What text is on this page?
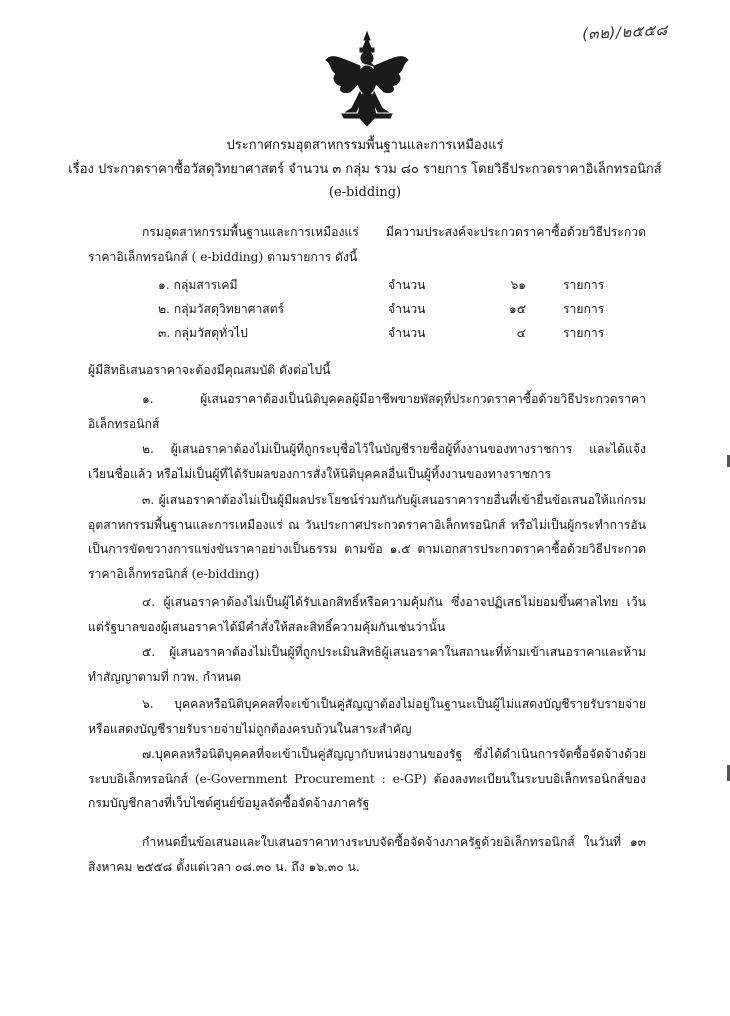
(๓๒)/๒๕๕๘
ประกาศกรมอุตสาหกรรมพื้นฐานและการเหมืองแร่
เรื่อง ประกวดราคาซื้อวัสดุวิทยาศาสตร์ จำนวน ๓ กลุ่ม รวม ๘๐ รายการ โดยวิธีประกวดราคาอิเล็กทรอนิกส์
(e-bidding)
กรมอุตสาหกรรมพื้นฐานและการเหมืองแร่ มีความประสงค์จะประกวดราคาซื้อด้วยวิธีประกวดราคาอิเล็กทรอนิกส์ ( e-bidding) ตามรายการ ดังนี้
๑. กลุ่มสารเคมี	จำนวน	๖๑	รายการ
๒. กลุ่มวัสดุวิทยาศาสตร์	จำนวน	๑๕	รายการ
๓. กลุ่มวัสดุทั่วไป	จำนวน	๔	รายการ
ผู้มีสิทธิเสนอราคาจะต้องมีคุณสมบัติ ดังต่อไปนี้
๑. ผู้เสนอราคาต้องเป็นนิติบุคคลผู้มีอาชีพขายพัสดุที่ประกวดราคาซื้อด้วยวิธีประกวดราคาอิเล็กทรอนิกส์
๒. ผู้เสนอราคาต้องไม่เป็นผู้ที่ถูกระบุชื่อไว้ในบัญชีรายชื่อผู้ทิ้งงานของทางราชการ และได้แจ้งเวียนชื่อแล้ว หรือไม่เป็นผู้ที่ได้รับผลของการสั่งให้นิติบุคคลอื่นเป็นผู้ทิ้งงานของทางราชการ
๓. ผู้เสนอราคาต้องไม่เป็นผู้มีผลประโยชน์ร่วมกันกับผู้เสนอราคารายอื่นที่เข้ายื่นข้อเสนอให้แก่กรมอุตสาหกรรมพื้นฐานและการเหมืองแร่ ณ วันประกาศประกวดราคาอิเล็กทรอนิกส์ หรือไม่เป็นผู้กระทำการอันเป็นการขัดขวางการแข่งขันราคาอย่างเป็นธรรม ตามข้อ ๑.๕ ตามเอกสารประกวดราคาซื้อด้วยวิธีประกวดราคาอิเล็กทรอนิกส์ (e-bidding)
๔. ผู้เสนอราคาต้องไม่เป็นผู้ได้รับเอกสิทธิ์หรือความคุ้มกัน ซึ่งอาจปฏิเสธไม่ยอมขึ้นศาลไทย เว้นแต่รัฐบาลของผู้เสนอราคาได้มีคำสั่งให้สละสิทธิ์ความคุ้มกันเช่นว่านั้น
๕. ผู้เสนอราคาต้องไม่เป็นผู้ที่ถูกประเมินสิทธิผู้เสนอราคาในสถานะที่ห้ามเข้าเสนอราคาและห้ามทำสัญญาตามที่ กวพ. กำหนด
๖. บุคคลหรือนิติบุคคลที่จะเข้าเป็นคู่สัญญาต้องไม่อยู่ในฐานะเป็นผู้ไม่แสดงบัญชีรายรับรายจ่าย หรือแสดงบัญชีรายรับรายจ่ายไม่ถูกต้องครบถ้วนในสาระสำคัญ
๗.บุคคลหรือนิติบุคคลที่จะเข้าเป็นคู่สัญญากับหน่วยงานของรัฐ ซึ่งได้ดำเนินการจัดซื้อจัดจ้างด้วยระบบอิเล็กทรอนิกส์ (e-Government Procurement : e-GP) ต้องลงทะเบียนในระบบอิเล็กทรอนิกส์ของกรมบัญชีกลางที่เว็บไซต์ศูนย์ข้อมูลจัดซื้อจัดจ้างภาครัฐ
กำหนดยื่นข้อเสนอและใบเสนอราคาทางระบบจัดซื้อจัดจ้างภาครัฐด้วยอิเล็กทรอนิกส์ ในวันที่ ๑๓ สิงหาคม ๒๕๕๘ ตั้งแต่เวลา ๐๘.๓๐ น. ถึง ๑๖.๓๐ น.
